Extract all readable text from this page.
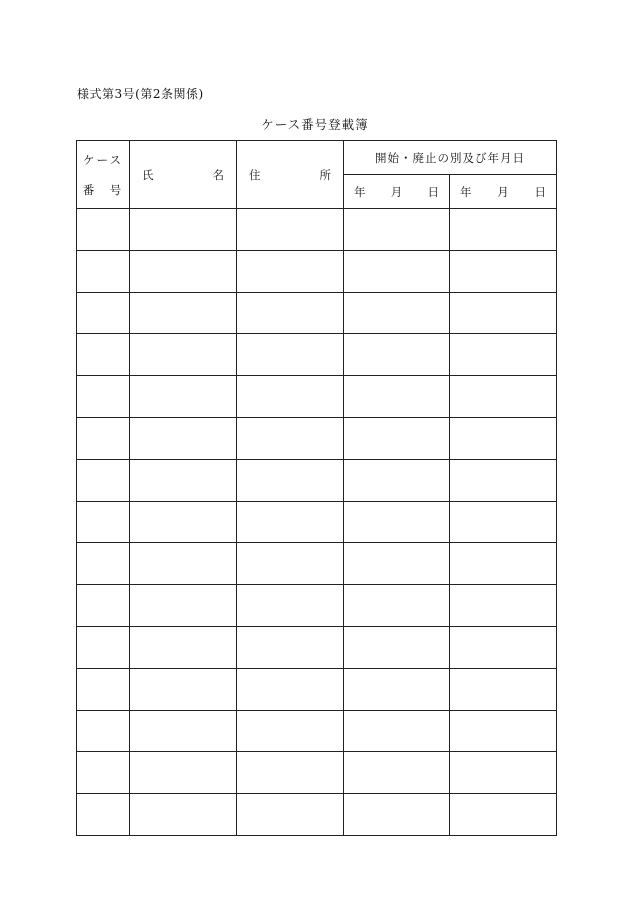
様式第3号(第2条関係)
ケース番号登載簿
ケース
番　号	氏 名	住 所	開始・廃止の別及び年月日	

			年 月 日	年 月 日
